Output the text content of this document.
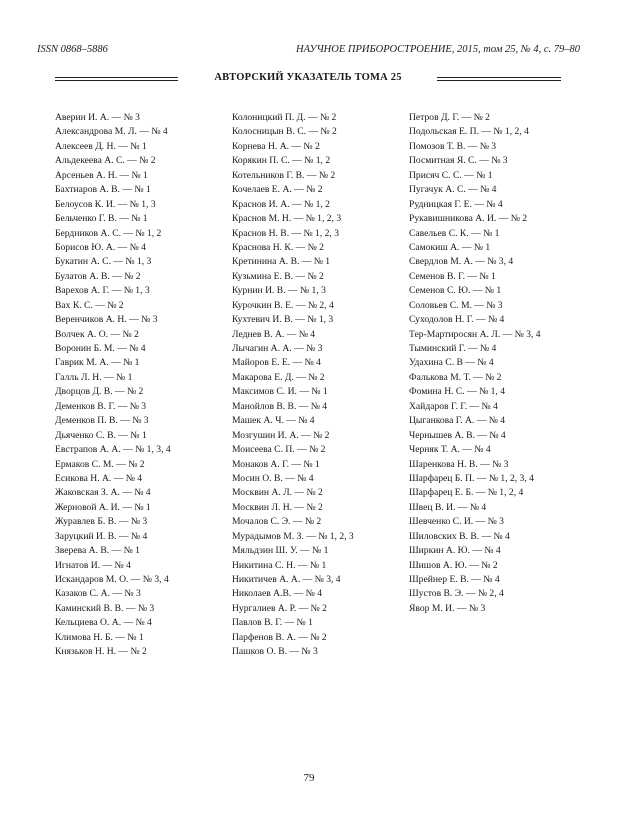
ISSN 0868–5886	НАУЧНОЕ ПРИБОРОСТРОЕНИЕ, 2015, том 25, № 4, c. 79–80
АВТОРСКИЙ УКАЗАТЕЛЬ ТОМА 25
Аверин И. А. — № 3
Александрова М. Л. — № 4
Алексеев Д. Н. — № 1
Альдекеева А. С. — № 2
Арсеньев А. Н. — № 1
Бахтиаров А. В. — № 1
Белоусов К. И. — № 1, 3
Бельченко Г. В. — № 1
Бердников А. С. — № 1, 2
Борисов Ю. А. — № 4
Букатин А. С. — № 1, 3
Булатов А. В. — № 2
Варехов А. Г. — № 1, 3
Вах К. С. — № 2
Веренчиков А. Н. — № 3
Волчек А. О. — № 2
Воронин Б. М. — № 4
Гаврик М. А. — № 1
Галль Л. Н. — № 1
Дворцов Д. В. — № 2
Деменков В. Г. — № 3
Деменков П. В. — № 3
Дьяченко С. В. — № 1
Евстрапов А. А. — № 1, 3, 4
Ермаков С. М. — № 2
Есикова Н. А. — № 4
Жаковская З. А. — № 4
Жерновой А. И. — № 1
Журавлев Б. В. — № 3
Заруцкий И. В. — № 4
Зверева А. В. — № 1
Игнатов И. — № 4
Искандаров М. О. — № 3, 4
Казаков С. А. — № 3
Каминский В. В. — № 3
Кельциева О. А. — № 4
Климова Н. Б. — № 1
Князьков Н. Н. — № 2
Колоницкий П. Д. — № 2
Колосницын В. С. — № 2
Корнева Н. А. — № 2
Корякин П. С. — № 1, 2
Котельников Г. В. — № 2
Кочелаев Е. А. — № 2
Краснов И. А. — № 1, 2
Краснов М. Н. — № 1, 2, 3
Краснов Н. В. — № 1, 2, 3
Краснова Н. К. — № 2
Кретинина А. В. — № 1
Кузьмина Е. В. — № 2
Курнин И. В. — № 1, 3
Курочкин В. Е. — № 2, 4
Кухтевич И. В. — № 1, 3
Леднев В. А. — № 4
Лычагин А. А. — № 3
Майоров Е. Е. — № 4
Макарова Е. Д. — № 2
Максимов С. И. — № 1
Манойлов В. В. — № 4
Машек А. Ч. — № 4
Мозгушин И. А. — № 2
Моисеева С. П. — № 2
Монаков А. Г. — № 1
Мосин О. В. — № 4
Москвин А. Л. — № 2
Москвин Л. Н. — № 2
Мочалов С. Э. — № 2
Мурадымов М. З. — № 1, 2, 3
Мяльдзин Ш. У. — № 1
Никитина С. Н. — № 1
Никитичев А. А. — № 3, 4
Николаев А.В. — № 4
Нургалиев А. Р. — № 2
Павлов В. Г. — № 1
Парфенов В. А. — № 2
Пашков О. В. — № 3
Петров Д. Г. — № 2
Подольская Е. П. — № 1, 2, 4
Помозов Т. В. — № 3
Посмитная Я. С. — № 3
Присяч С. С. — № 1
Пугачук А. С. — № 4
Рудницкая Г. Е. — № 4
Рукавишникова А. И. — № 2
Савельев С. К. — № 1
Самокиш А. — № 1
Свердлов М. А. — № 3, 4
Семенов В. Г. — № 1
Семенов С. Ю. — № 1
Соловьев С. М. — № 3
Суходолов Н. Г. — № 4
Тер-Мартиросян А. Л. — № 3, 4
Тыминский Г. — № 4
Удахина С. В — № 4
Фалькова М. Т. — № 2
Фомина Н. С. — № 1, 4
Хайдаров Г. Г. — № 4
Цыганкова Г. А. — № 4
Чернышев А. В. — № 4
Черняк Т. А. — № 4
Шаренкова Н. В. — № 3
Шарфарец Б. П. — № 1, 2, 3, 4
Шарфарец Е. Б. — № 1, 2, 4
Швец В. И. — № 4
Шевченко С. И. — № 3
Шиловских В. В. — № 4
Ширкин А. Ю. — № 4
Шишов А. Ю. — № 2
Шрейнер Е. В. — № 4
Шустов В. Э. — № 2, 4
Явор М. И. — № 3
79
